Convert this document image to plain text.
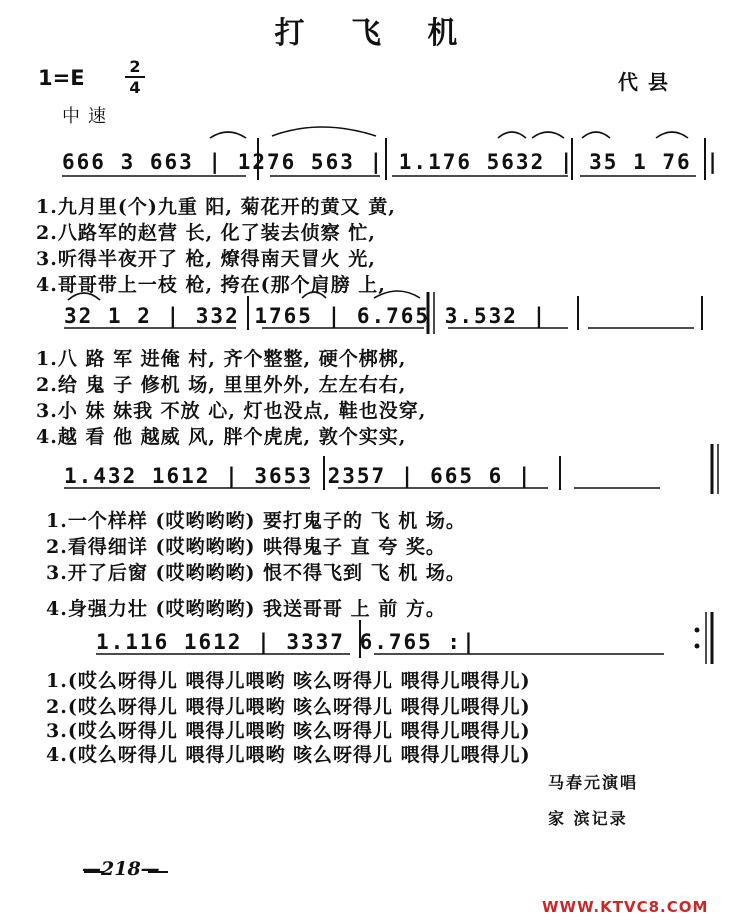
打 飞 机
1=E	2
4	代县
中速
666 3 663 | 1276 563 | 1.176 5632 | 35 1 76 |
1.九月里(个)九重 阳, 菊花开的黄又 黄,
2.八路军的赵营 长, 化了装去侦察 忙,
3.听得半夜开了 枪, 燎得南天冒火 光,
4.哥哥带上一枝 枪, 挎在(那个肩膀 上,
32 1 2 | 332 1765 | 6.765 3.532 |
1.八 路 军 进俺 村, 齐个整整, 硬个梆梆,
2.给 鬼 子 修机 场, 里里外外, 左左右右,
3.小 妹 妹我 不放 心, 灯也没点, 鞋也没穿,
4.越 看 他 越威 风, 胖个虎虎, 敦个实实,
1.432 1612 | 3653 2357 | 665 6 |
1.一个样样 (哎哟哟哟) 要打鬼子的 飞 机 场。
2.看得细详 (哎哟哟哟) 哄得鬼子 直 夸 奖。
3.开了后窗 (哎哟哟哟) 恨不得飞到 飞 机 场。
4.身强力壮 (哎哟哟哟) 我送哥哥 上 前 方。
1.116 1612 | 3337 6.765 :|
1.(哎么呀得儿 喂得儿喂哟 咳么呀得儿 喂得儿喂得儿)
2.(哎么呀得儿 喂得儿喂哟 咳么呀得儿 喂得儿喂得儿)
3.(哎么呀得儿 喂得儿喂哟 咳么呀得儿 喂得儿喂得儿)
4.(哎么呀得儿 喂得儿喂哟 咳么呀得儿 喂得儿喂得儿)
马春元演唱
家 滨记录
—218—
WWW.KTVC8.COM
